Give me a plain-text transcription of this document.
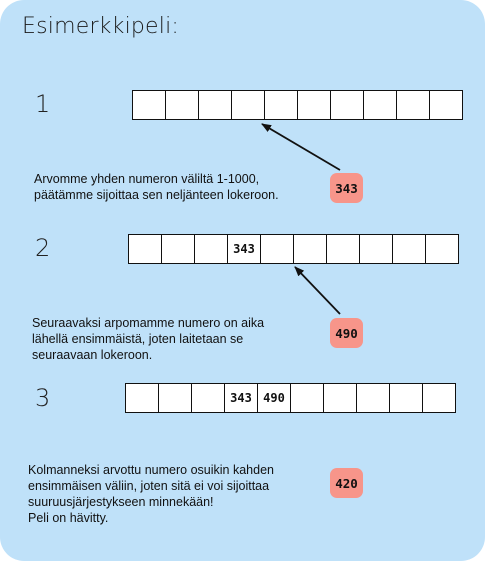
Esimerkkipeli:
1
Arvomme yhden numeron väliltä 1-1000,
päätämme sijoittaa sen neljänteen lokeroon.	343
2	343
Seuraavaksi arpomamme numero on aika
lähellä ensimmäistä, joten laitetaan se
seuraavaan lokeroon.
490
3	343 490
Kolmanneksi arvottu numero osuikin kahden
ensimmäisen väliin, joten sitä ei voi sijoittaa
suuruusjärjestykseen minnekään!
Peli on hävitty.
420
